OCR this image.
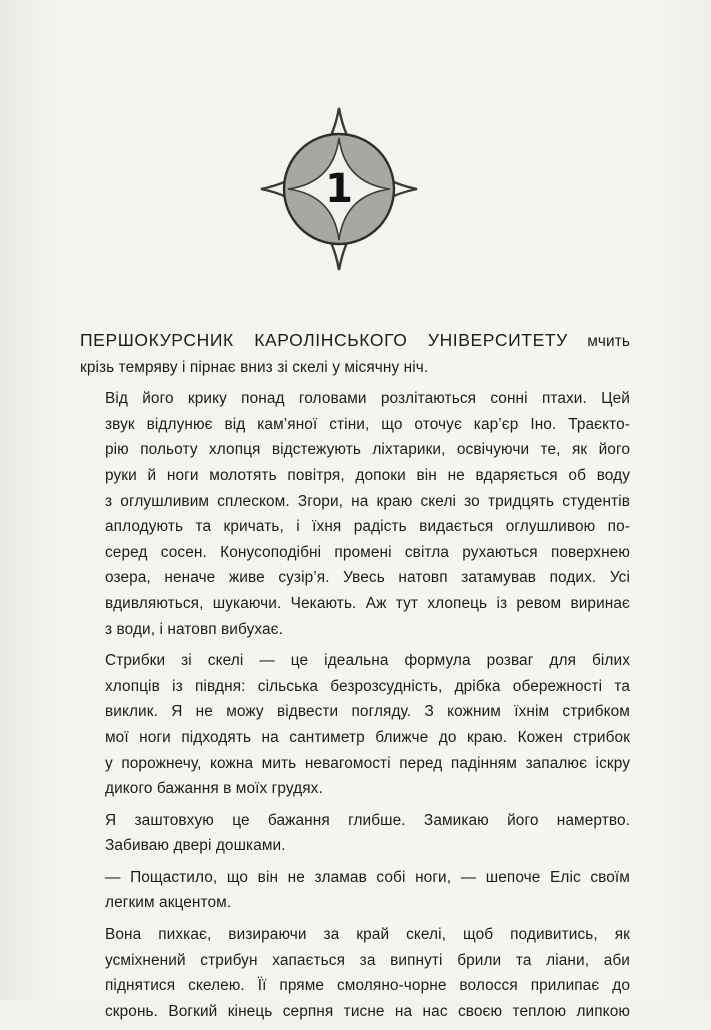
1

ПЕРШОКУРСНИК КАРОЛІНСЬКОГО УНІВЕРСИТЕТУ мчить
крізь темряву і пірнає вниз зі скелі у місячну ніч.

Від його крику понад головами розлітаються сонні птахи. Цей
звук відлунює від кам’яної стіни, що оточує кар’єр Іно. Траєкто-
рію польоту хлопця відстежують ліхтарики, освічуючи те, як його
руки й ноги молотять повітря, допоки він не вдаряється об воду
з оглушливим сплеском. Згори, на краю скелі зо тридцять студентів
аплодують та кричать, і їхня радість видається оглушливою по-
серед сосен. Конусоподібні промені світла рухаються поверхнею
озера, неначе живе сузір’я. Увесь натовп затамував подих. Усі
вдивляються, шукаючи. Чекають. Аж тут хлопець із ревом виринає
з води, і натовп вибухає.

Стрибки зі скелі — це ідеальна формула розваг для білих
хлопців із півдня: сільська безрозсудність, дрібка обережності та
виклик. Я не можу відвести погляду. З кожним їхнім стрибком
мої ноги підходять на сантиметр ближче до краю. Кожен стрибок
у порожнечу, кожна мить невагомості перед падінням запалює іскру
дикого бажання в моїх грудях.

Я заштовхую це бажання глибше. Замикаю його намертво.
Забиваю двері дошками.

— Пощастило, що він не зламав собі ноги, — шепоче Еліс своїм
легким акцентом.

Вона пихкає, визираючи за край скелі, щоб подивитись, як
усміхнений стрибун хапається за випнуті брили та ліани, аби
піднятися скелею. Її пряме смоляно-чорне волосся прилипає до
скронь. Вогкий кінець серпня тисне на нас своєю теплою липкою
